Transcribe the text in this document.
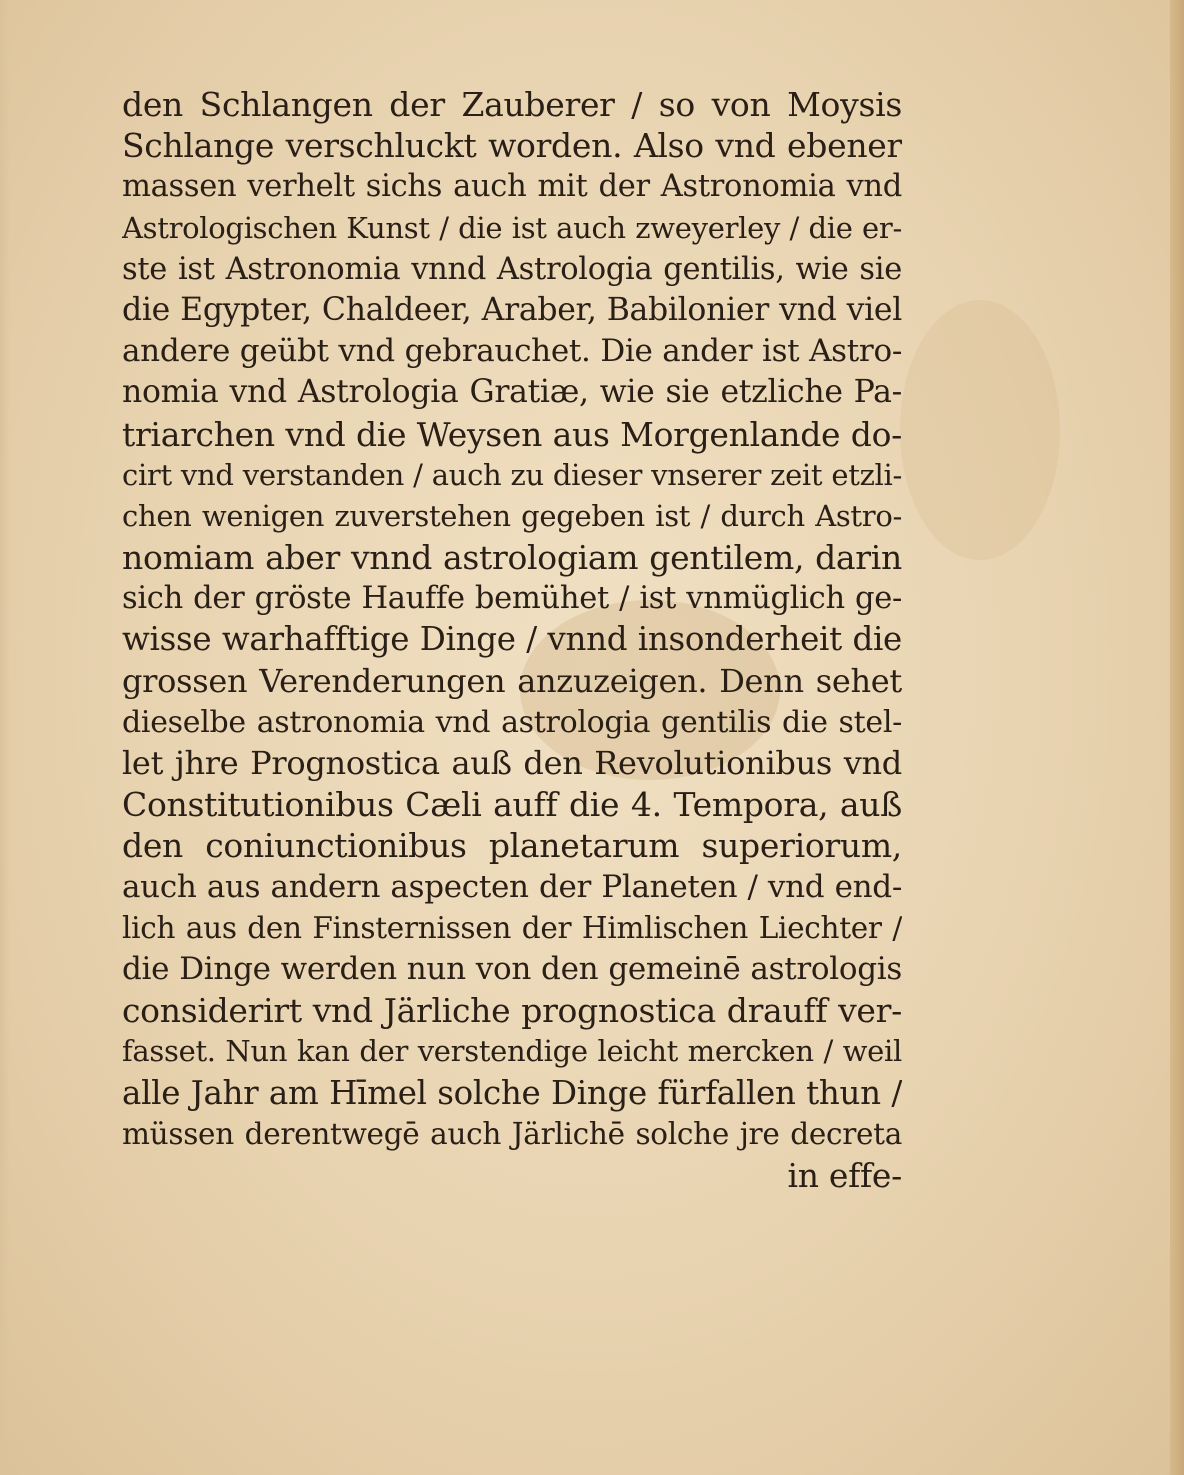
den Schlangen der Zauberer / so von Moysis
Schlange verschluckt worden. Also vnd ebener
massen verhelt sichs auch mit der Astronomia vnd
Astrologischen Kunst / die ist auch zweyerley / die er-
ste ist Astronomia vnnd Astrologia gentilis, wie sie
die Egypter, Chaldeer, Araber, Babilonier vnd viel
andere geübt vnd gebrauchet. Die ander ist Astro-
nomia vnd Astrologia Gratiæ, wie sie etzliche Pa-
triarchen vnd die Weysen aus Morgenlande do-
cirt vnd verstanden / auch zu dieser vnserer zeit etzli-
chen wenigen zuverstehen gegeben ist / durch Astro-
nomiam aber vnnd astrologiam gentilem, darin
sich der gröste Hauffe bemühet / ist vnmüglich ge-
wisse warhafftige Dinge / vnnd insonderheit die
grossen Verenderungen anzuzeigen. Denn sehet
dieselbe astronomia vnd astrologia gentilis die stel-
let jhre Prognostica auß den Revolutionibus vnd
Constitutionibus Cæli auff die 4. Tempora, auß
den coniunctionibus planetarum superiorum,
auch aus andern aspecten der Planeten / vnd end-
lich aus den Finsternissen der Himlischen Liechter /
die Dinge werden nun von den gemeinē astrologis
considerirt vnd Järliche prognostica drauff ver-
fasset. Nun kan der verstendige leicht mercken / weil
alle Jahr am Hīmel solche Dinge fürfallen thun /
müssen derentwegē auch Järlichē solche jre decreta
in effe-
